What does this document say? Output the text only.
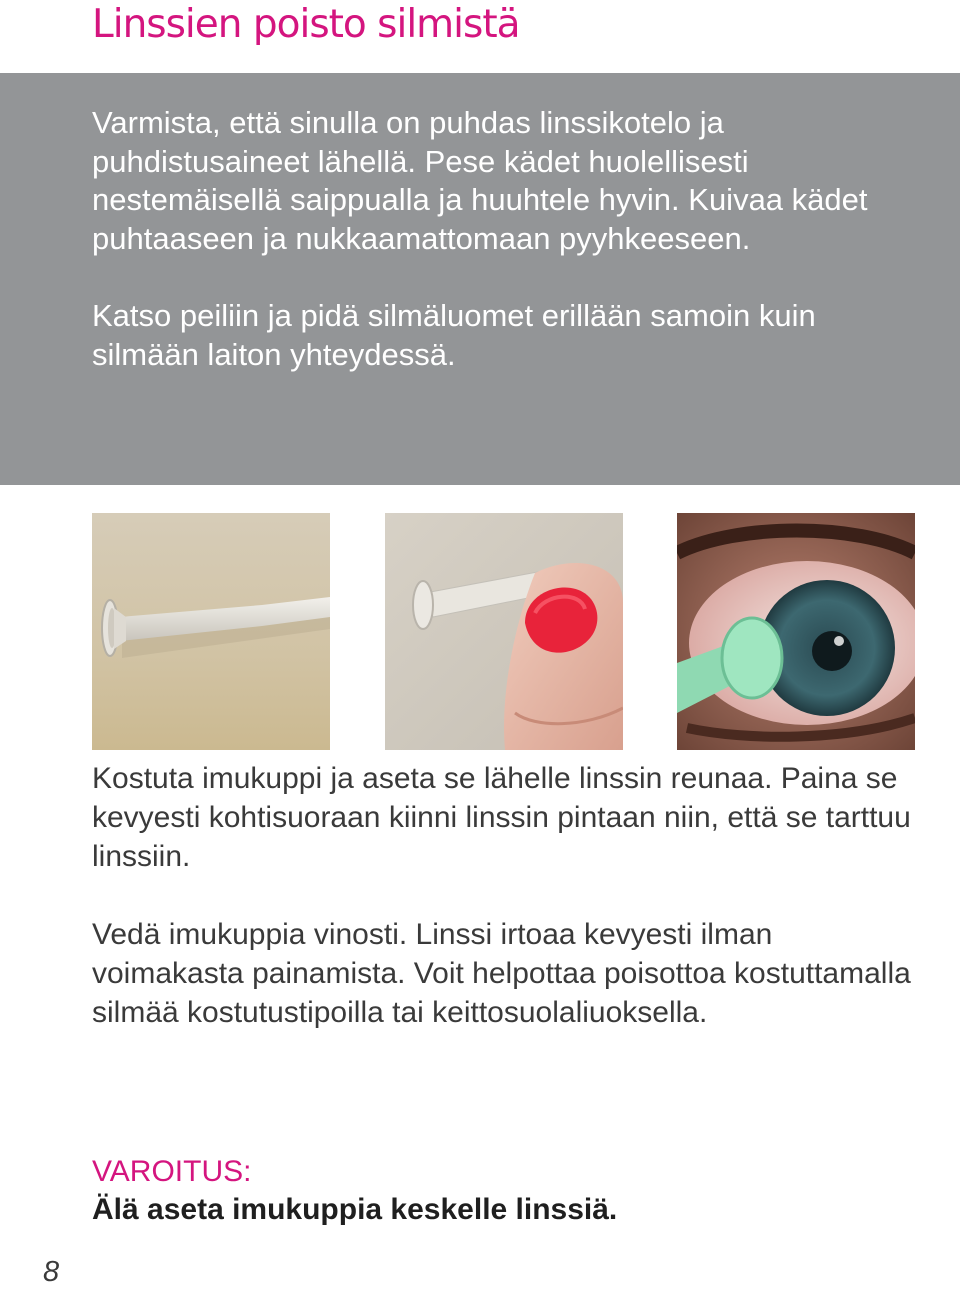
Linssien poisto silmistä

Varmista, että sinulla on puhdas linssikotelo ja puhdistusaineet lähellä. Pese kädet huolellisesti nestemäisellä saippualla ja huuhtele hyvin. Kuivaa kädet puhtaaseen ja nukkaamattomaan pyyhkeeseen.

Katso peiliin ja pidä silmäluomet erillään samoin kuin silmään laiton yhteydessä.

Kostuta imukuppi ja aseta se lähelle linssin reunaa. Paina se kevyesti kohtisuoraan kiinni linssin pintaan niin, että se tarttuu linssiin.

Vedä imukuppia vinosti. Linssi irtoaa kevyesti ilman voimakasta painamista. Voit helpottaa poisottoa kostuttamalla silmää kostutustipoilla tai keittosuolaliuoksella.

VAROITUS:

Älä aseta imukuppia keskelle linssiä.

8
